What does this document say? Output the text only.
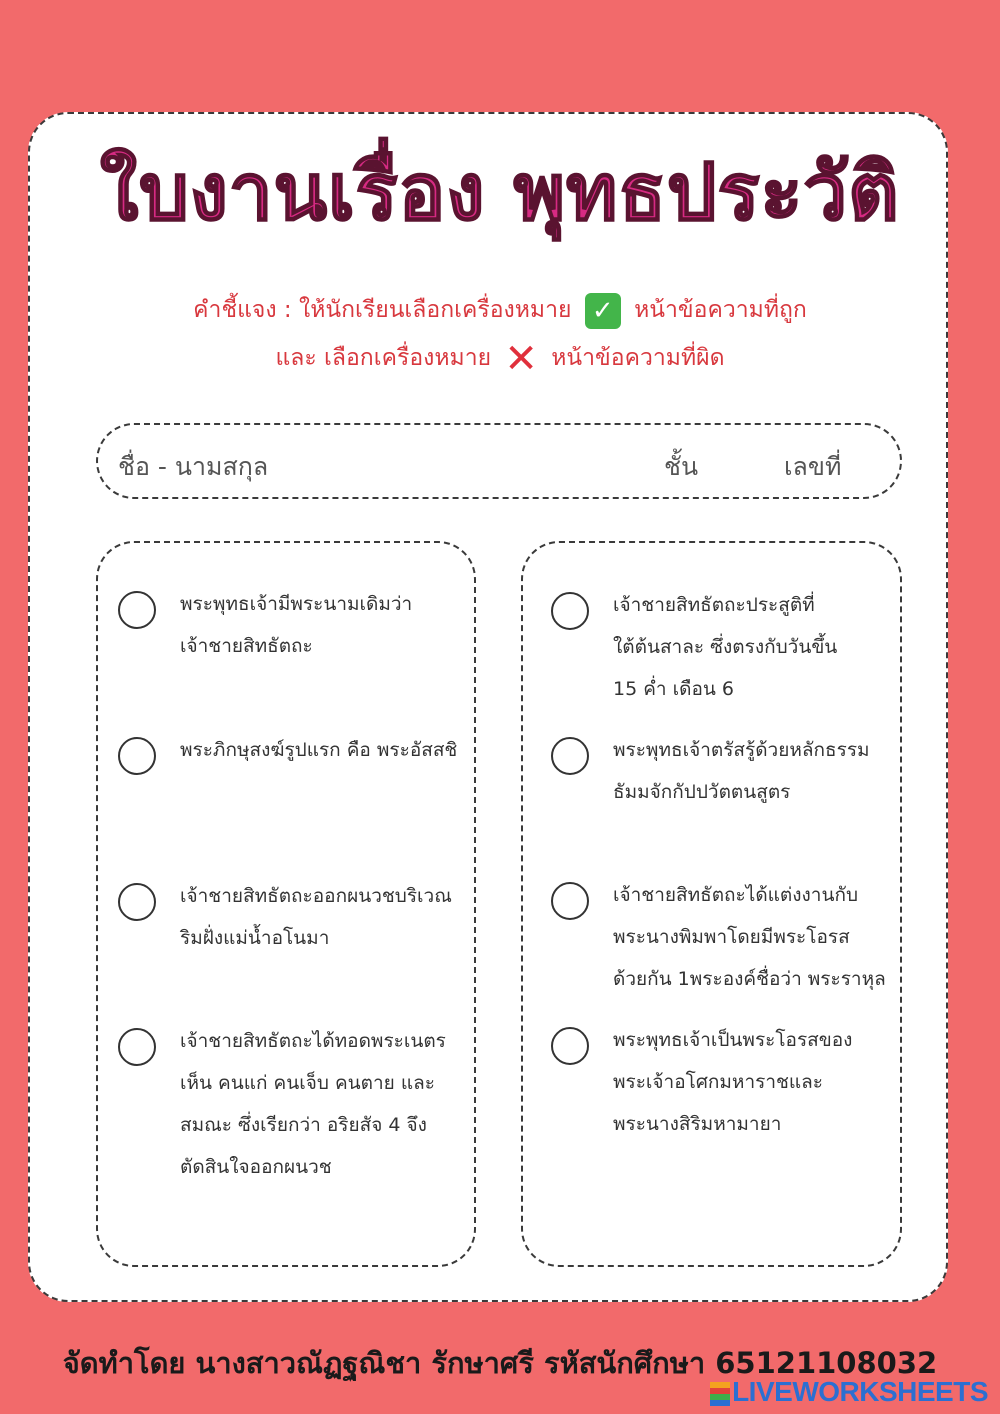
ใบงานเรื่อง พุทธประวัติ
คำชี้แจง : ให้นักเรียนเลือกเครื่องหมาย ✓ หน้าข้อความที่ถูก
และ เลือกเครื่องหมาย ✕ หน้าข้อความที่ผิด
ชื่อ - นามสกุล	ชั้น	เลขที่
พระพุทธเจ้ามีพระนามเดิมว่า
เจ้าชายสิทธัตถะ
พระภิกษุสงฆ์รูปแรก คือ พระอัสสชิ
เจ้าชายสิทธัตถะออกผนวชบริเวณ
ริมฝั่งแม่น้ำอโนมา
เจ้าชายสิทธัตถะได้ทอดพระเนตร
เห็น คนแก่ คนเจ็บ คนตาย และ
สมณะ ซึ่งเรียกว่า อริยสัจ 4 จึง
ตัดสินใจออกผนวช
เจ้าชายสิทธัตถะประสูติที่
ใต้ต้นสาละ ซึ่งตรงกับวันขึ้น
15 ค่ำ เดือน 6
พระพุทธเจ้าตรัสรู้ด้วยหลักธรรม
ธัมมจักกัปปวัตตนสูตร
เจ้าชายสิทธัตถะได้แต่งงานกับ
พระนางพิมพาโดยมีพระโอรส
ด้วยกัน 1พระองค์ชื่อว่า พระราหุล
พระพุทธเจ้าเป็นพระโอรสของ
พระเจ้าอโศกมหาราชและ
พระนางสิริมหามายา
จัดทำโดย นางสาวณัฏฐณิชา รักษาศรี รหัสนักศึกษา 65121108032
LIVEWORKSHEETS
